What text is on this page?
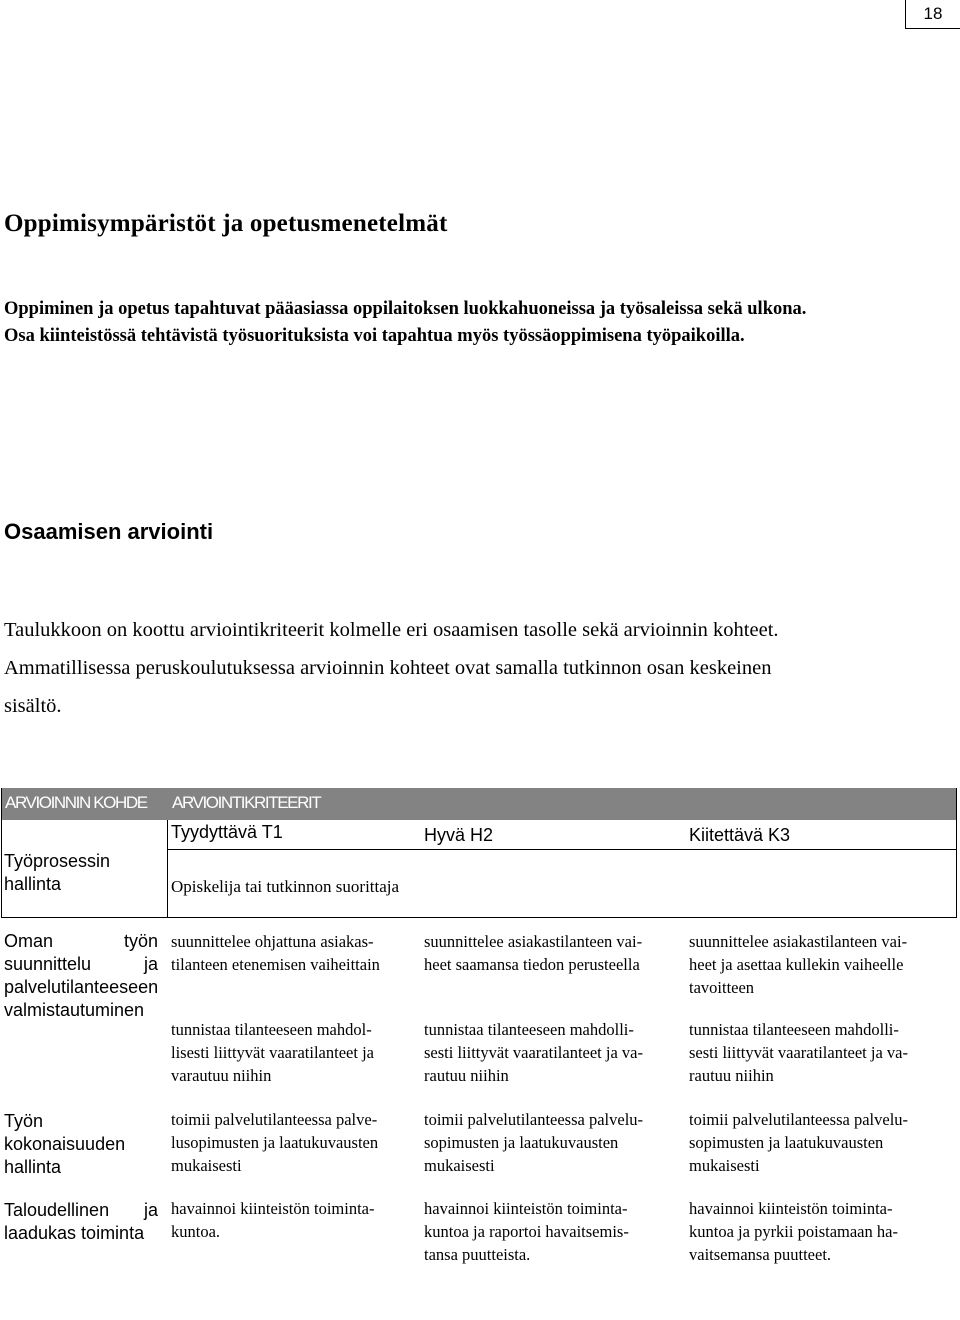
18
Oppimisympäristöt ja opetusmenetelmät
Oppiminen ja opetus tapahtuvat pääasiassa oppilaitoksen luokkahuoneissa ja työsaleissa sekä ulkona.
Osa kiinteistössä tehtävistä työsuorituksista voi tapahtua myös työssäoppimisena työpaikoilla.
Osaamisen arviointi
Taulukkoon on koottu arviointikriteerit kolmelle eri osaamisen tasolle sekä arvioinnin kohteet.
Ammatillisessa peruskoulutuksessa arvioinnin kohteet ovat samalla tutkinnon osan keskeinen
sisältö.
ARVIOINNIN KOHDE ARVIOINTIKRITEERIT
Työprosessin
hallinta
Tyydyttävä T1	Hyvä H2	Kiitettävä K3
Opiskelija tai tutkinnon suorittaja
Oman työn suunnittelu ja palvelutilanteeseen valmistautuminen
suunnittelee ohjattuna asiakas-
tilanteen etenemisen vaiheittain
suunnittelee asiakastilanteen vai-
heet saamansa tiedon perusteella
suunnittelee asiakastilanteen vai-
heet ja asettaa kullekin vaiheelle
tavoitteen
tunnistaa tilanteeseen mahdol-
lisesti liittyvät vaaratilanteet ja
varautuu niihin
tunnistaa tilanteeseen mahdolli-
sesti liittyvät vaaratilanteet ja va-
rautuu niihin
tunnistaa tilanteeseen mahdolli-
sesti liittyvät vaaratilanteet ja va-
rautuu niihin
Työn kokonaisuuden hallinta
toimii palvelutilanteessa palve-
lusopimusten ja laatukuvausten
mukaisesti
toimii palvelutilanteessa palvelu-
sopimusten ja laatukuvausten
mukaisesti
toimii palvelutilanteessa palvelu-
sopimusten ja laatukuvausten
mukaisesti
Taloudellinen ja laadukas toiminta
havainnoi kiinteistön toiminta-
kuntoa.
havainnoi kiinteistön toiminta-
kuntoa ja raportoi havaitsemis-
tansa puutteista.
havainnoi kiinteistön toiminta-
kuntoa ja pyrkii poistamaan ha-
vaitsemansa puutteet.
